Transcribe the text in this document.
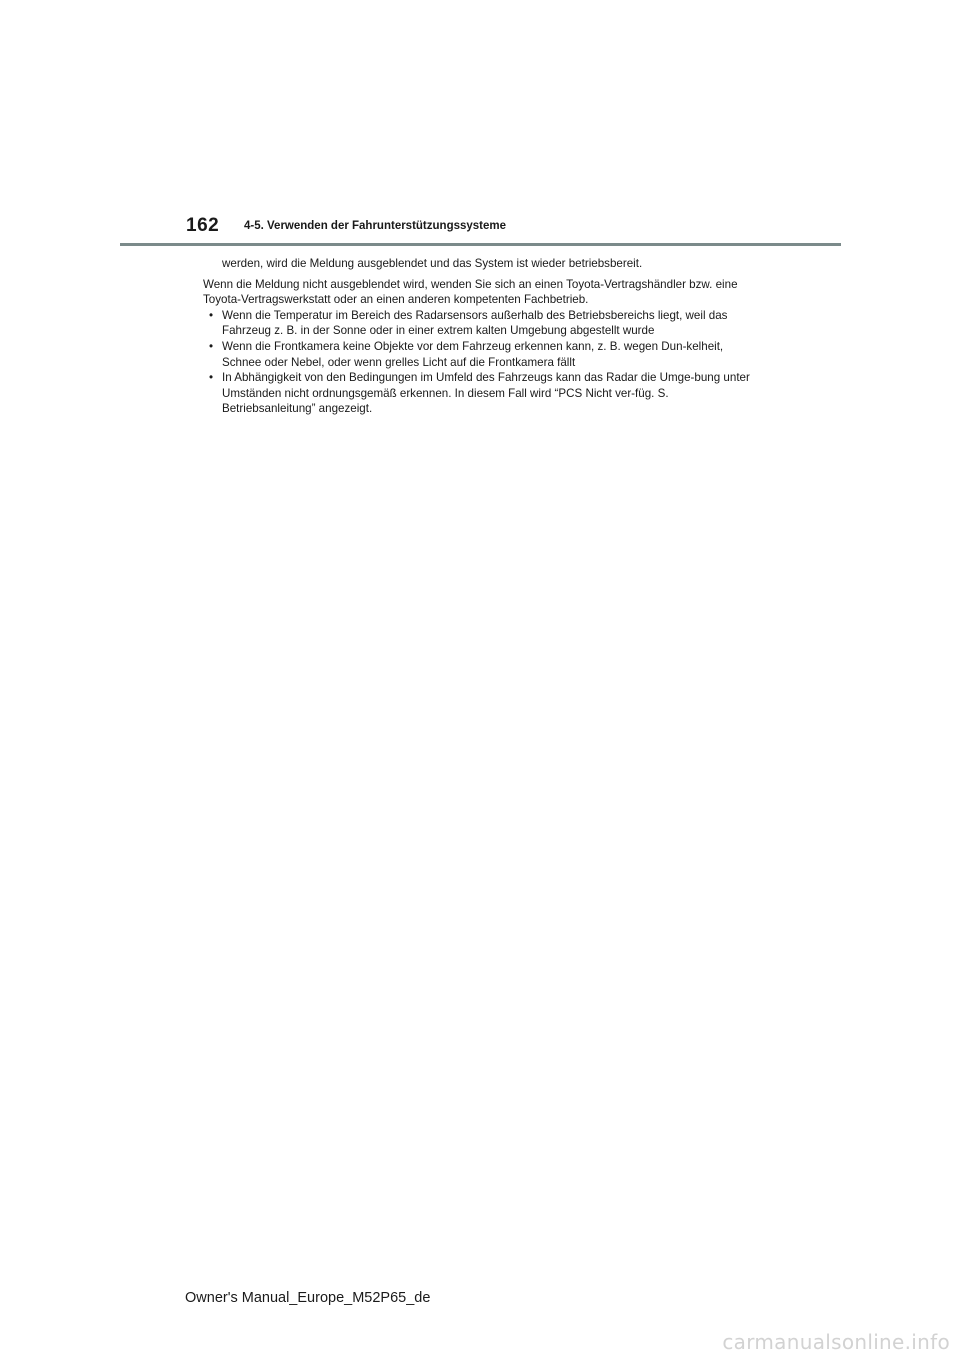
162 4-5. Verwenden der Fahrunterstützungssysteme

werden, wird die Meldung ausgeblendet und das System ist wieder betriebsbereit.

Wenn die Meldung nicht ausgeblendet wird, wenden Sie sich an einen Toyota-Vertragshändler bzw. eine Toyota-Vertragswerkstatt oder an einen anderen kompetenten Fachbetrieb.

• Wenn die Temperatur im Bereich des Radarsensors außerhalb des Betriebsbereichs liegt, weil das Fahrzeug z. B. in der Sonne oder in einer extrem kalten Umgebung abgestellt wurde
• Wenn die Frontkamera keine Objekte vor dem Fahrzeug erkennen kann, z. B. wegen Dun-kelheit, Schnee oder Nebel, oder wenn grelles Licht auf die Frontkamera fällt
• In Abhängigkeit von den Bedingungen im Umfeld des Fahrzeugs kann das Radar die Umge-bung unter Umständen nicht ordnungsgemäß erkennen. In diesem Fall wird “PCS Nicht ver-füg. S. Betriebsanleitung” angezeigt.
Owner's Manual_Europe_M52P65_de
carmanualsonline.info
